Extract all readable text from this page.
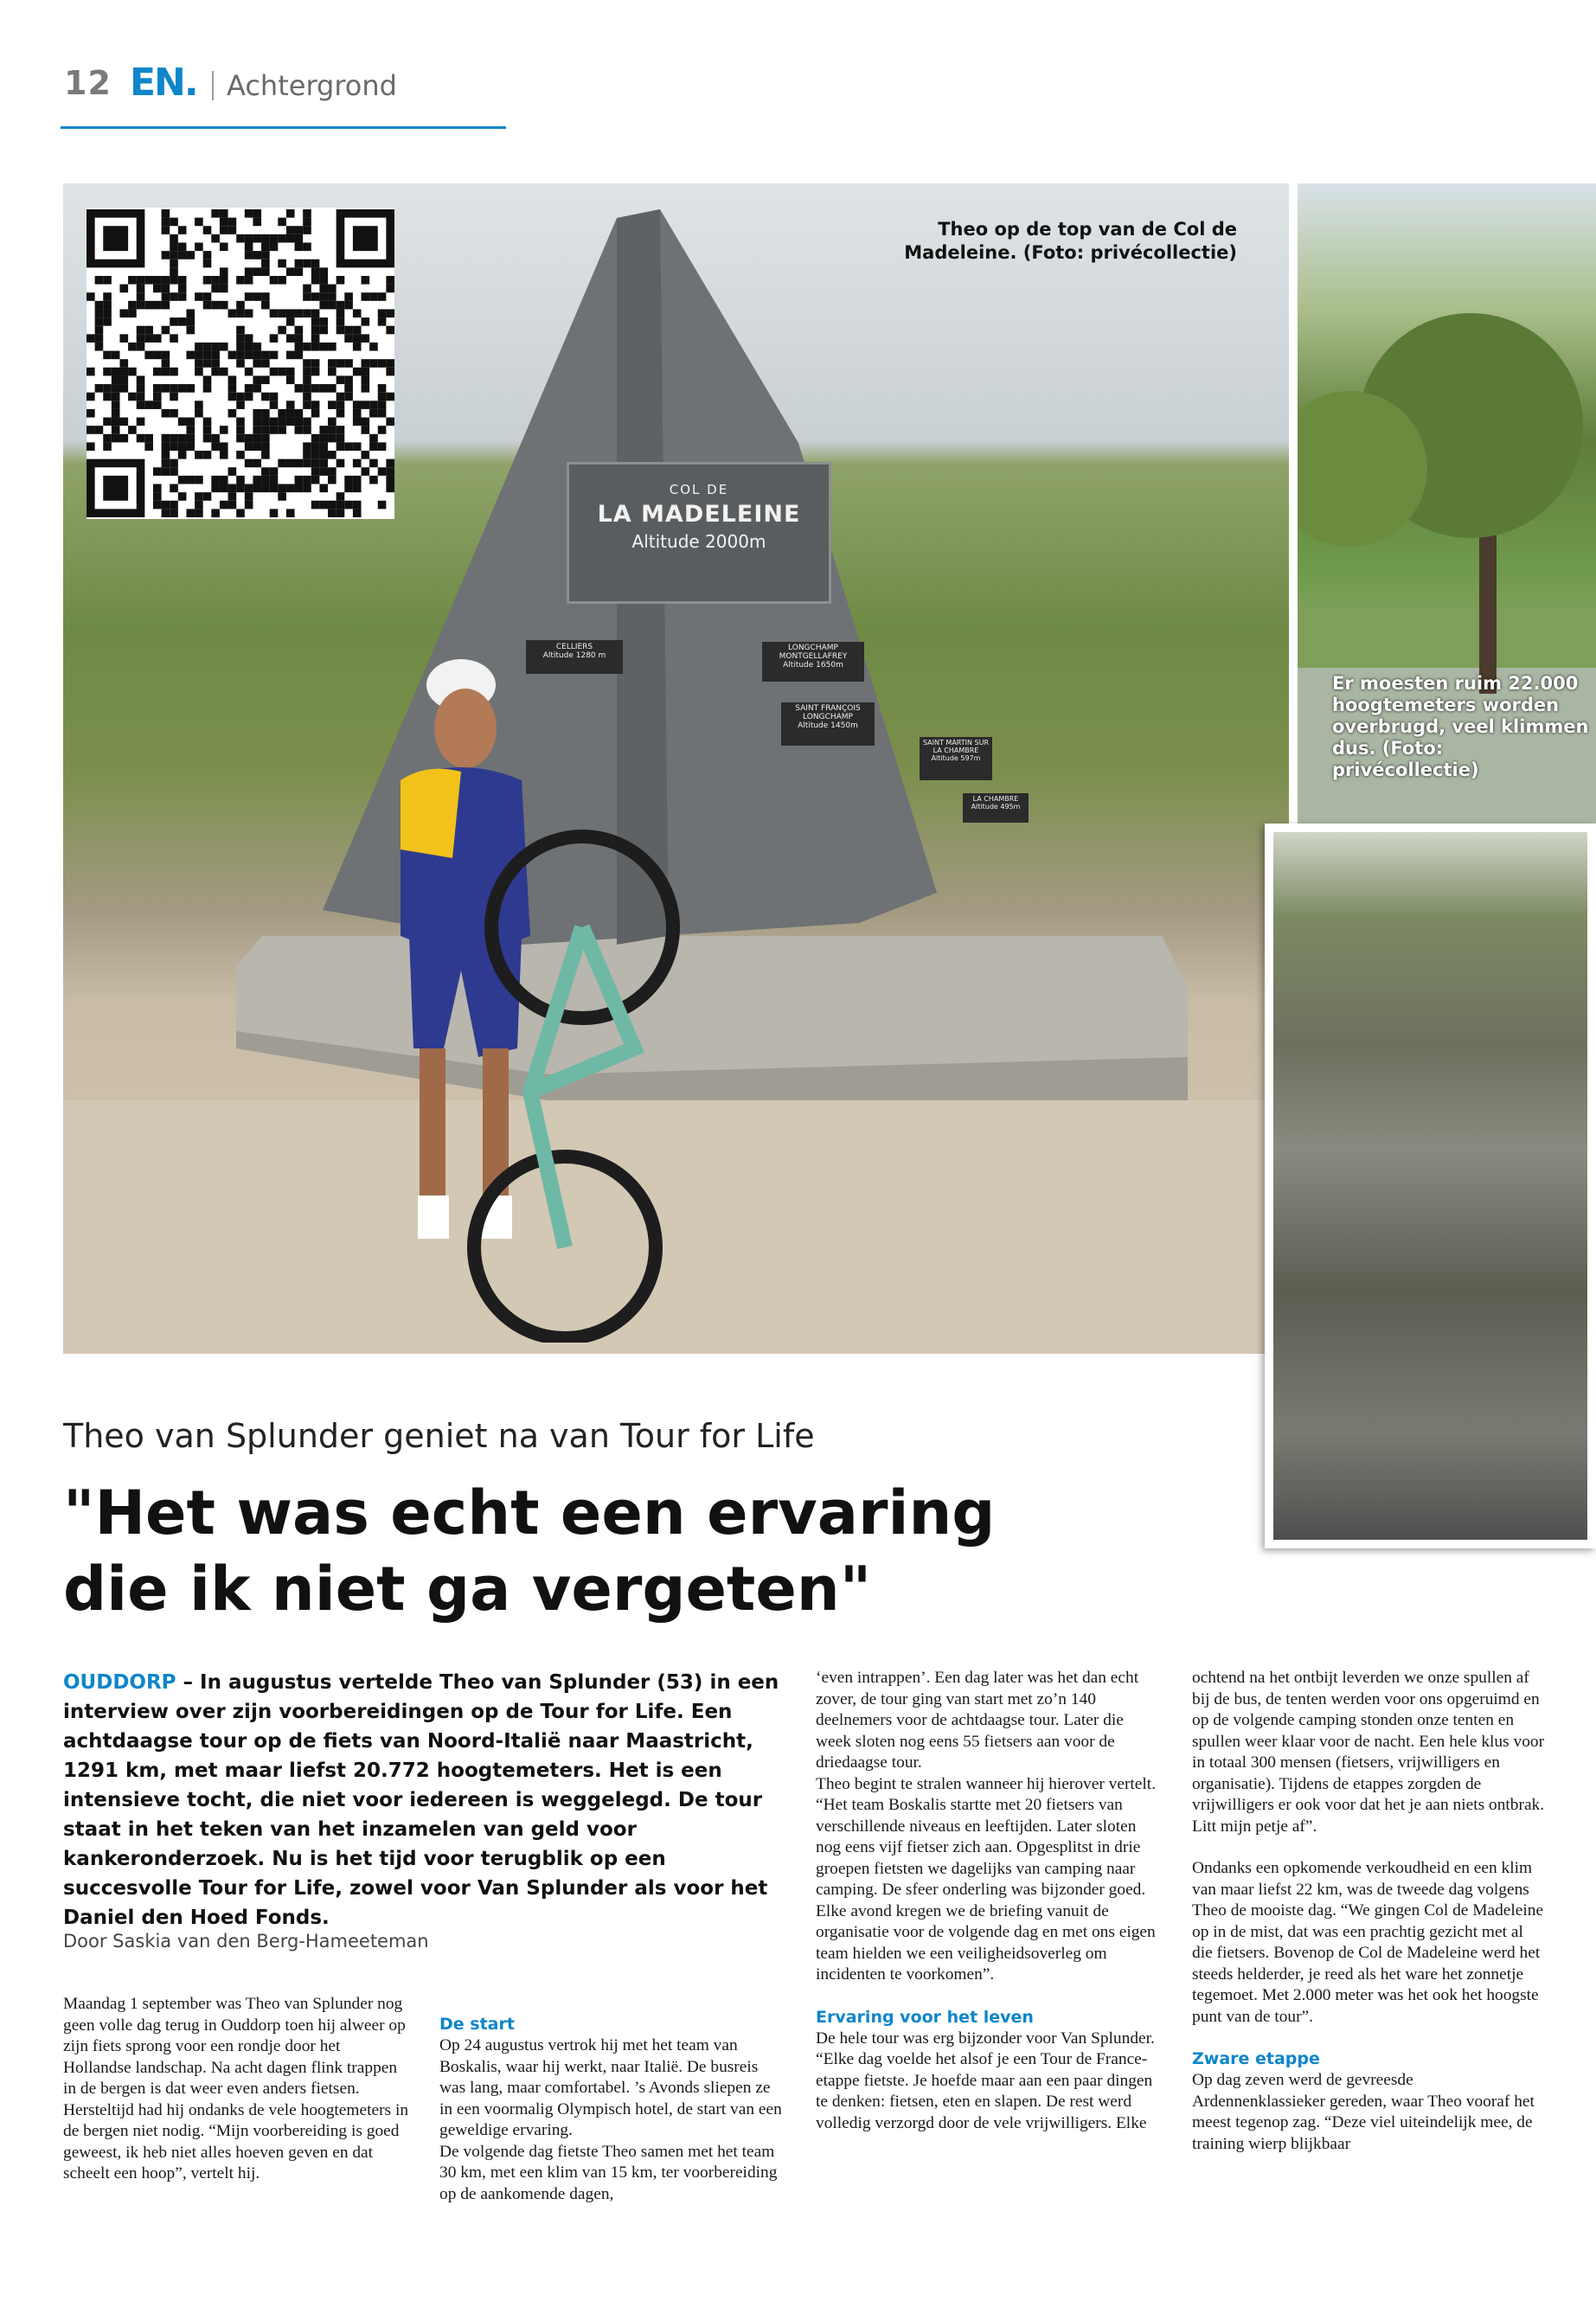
12 EN. Achtergrond
COL DE
LA MADELEINE
Altitude 2000m
CELLIERS
Altitude 1280 m
LONGCHAMP MONTGELLAFREY
Altitude 1650m
SAINT FRANÇOIS LONGCHAMP
Altitude 1450m
SAINT MARTIN SUR LA CHAMBRE
Altitude 597m
LA CHAMBRE
Altitude 495m
Theo op de top van de Col de Madeleine. (Foto: privécollectie)
Er moesten ruim 22.000 hoogtemeters worden overbrugd, veel klimmen dus. (Foto: privécollectie)
Theo van Splunder geniet na van Tour for Life
"Het was echt een ervaring die ik niet ga vergeten"
OUDDORP – In augustus vertelde Theo van Splunder (53) in een interview over zijn voorbereidingen op de Tour for Life. Een achtdaagse tour op de fiets van Noord-Italië naar Maastricht, 1291 km, met maar liefst 20.772 hoogtemeters. Het is een intensieve tocht, die niet voor iedereen is weggelegd. De tour staat in het teken van het inzamelen van geld voor kankeronderzoek. Nu is het tijd voor terugblik op een succesvolle Tour for Life, zowel voor Van Splunder als voor het Daniel den Hoed Fonds.
Door Saskia van den Berg-Hameeteman

Maandag 1 september was Theo van Splunder nog geen volle dag terug in Ouddorp toen hij alweer op zijn fiets sprong voor een rondje door het Hollandse landschap. Na acht dagen flink trappen in de bergen is dat weer even anders fietsen. Hersteltijd had hij ondanks de vele hoogtemeters in de bergen niet nodig. “Mijn voorbereiding is goed geweest, ik heb niet alles hoeven geven en dat scheelt een hoop”, vertelt hij.

De start

Op 24 augustus vertrok hij met het team van Boskalis, waar hij werkt, naar Italië. De busreis was lang, maar comfortabel. ’s Avonds sliepen ze in een voormalig Olympisch hotel, de start van een geweldige ervaring.

De volgende dag fietste Theo samen met het team 30 km, met een klim van 15 km, ter voorbereiding op de aankomende dagen,

‘even intrappen’. Een dag later was het dan echt zover, de tour ging van start met zo’n 140 deelnemers voor de achtdaagse tour. Later die week sloten nog eens 55 fietsers aan voor de driedaagse tour.

Theo begint te stralen wanneer hij hierover vertelt. “Het team Boskalis startte met 20 fietsers van verschillende niveaus en leeftijden. Later sloten nog eens vijf fietser zich aan. Opgesplitst in drie groepen fietsten we dagelijks van camping naar camping. De sfeer onderling was bijzonder goed. Elke avond kregen we de briefing vanuit de organisatie voor de volgende dag en met ons eigen team hielden we een veiligheidsoverleg om incidenten te voorkomen”.

Ervaring voor het leven

De hele tour was erg bijzonder voor Van Splunder. “Elke dag voelde het alsof je een Tour de France-etappe fietste. Je hoefde maar aan een paar dingen te denken: fietsen, eten en slapen. De rest werd volledig verzorgd door de vele vrijwilligers. Elke

ochtend na het ontbijt leverden we onze spullen af bij de bus, de tenten werden voor ons opgeruimd en op de volgende camping stonden onze tenten en spullen weer klaar voor de nacht. Een hele klus voor in totaal 300 mensen (fietsers, vrijwilligers en organisatie). Tijdens de etappes zorgden de vrijwilligers er ook voor dat het je aan niets ontbrak. Litt mijn petje af”.

Ondanks een opkomende verkoudheid en een klim van maar liefst 22 km, was de tweede dag volgens Theo de mooiste dag. “We gingen Col de Madeleine op in de mist, dat was een prachtig gezicht met al die fietsers. Bovenop de Col de Madeleine werd het steeds helderder, je reed als het ware het zonnetje tegemoet. Met 2.000 meter was het ook het hoogste punt van de tour”.

Zware etappe

Op dag zeven werd de gevreesde Ardennenklassieker gereden, waar Theo vooraf het meest tegenop zag. “Deze viel uiteindelijk mee, de training wierp blijkbaar
